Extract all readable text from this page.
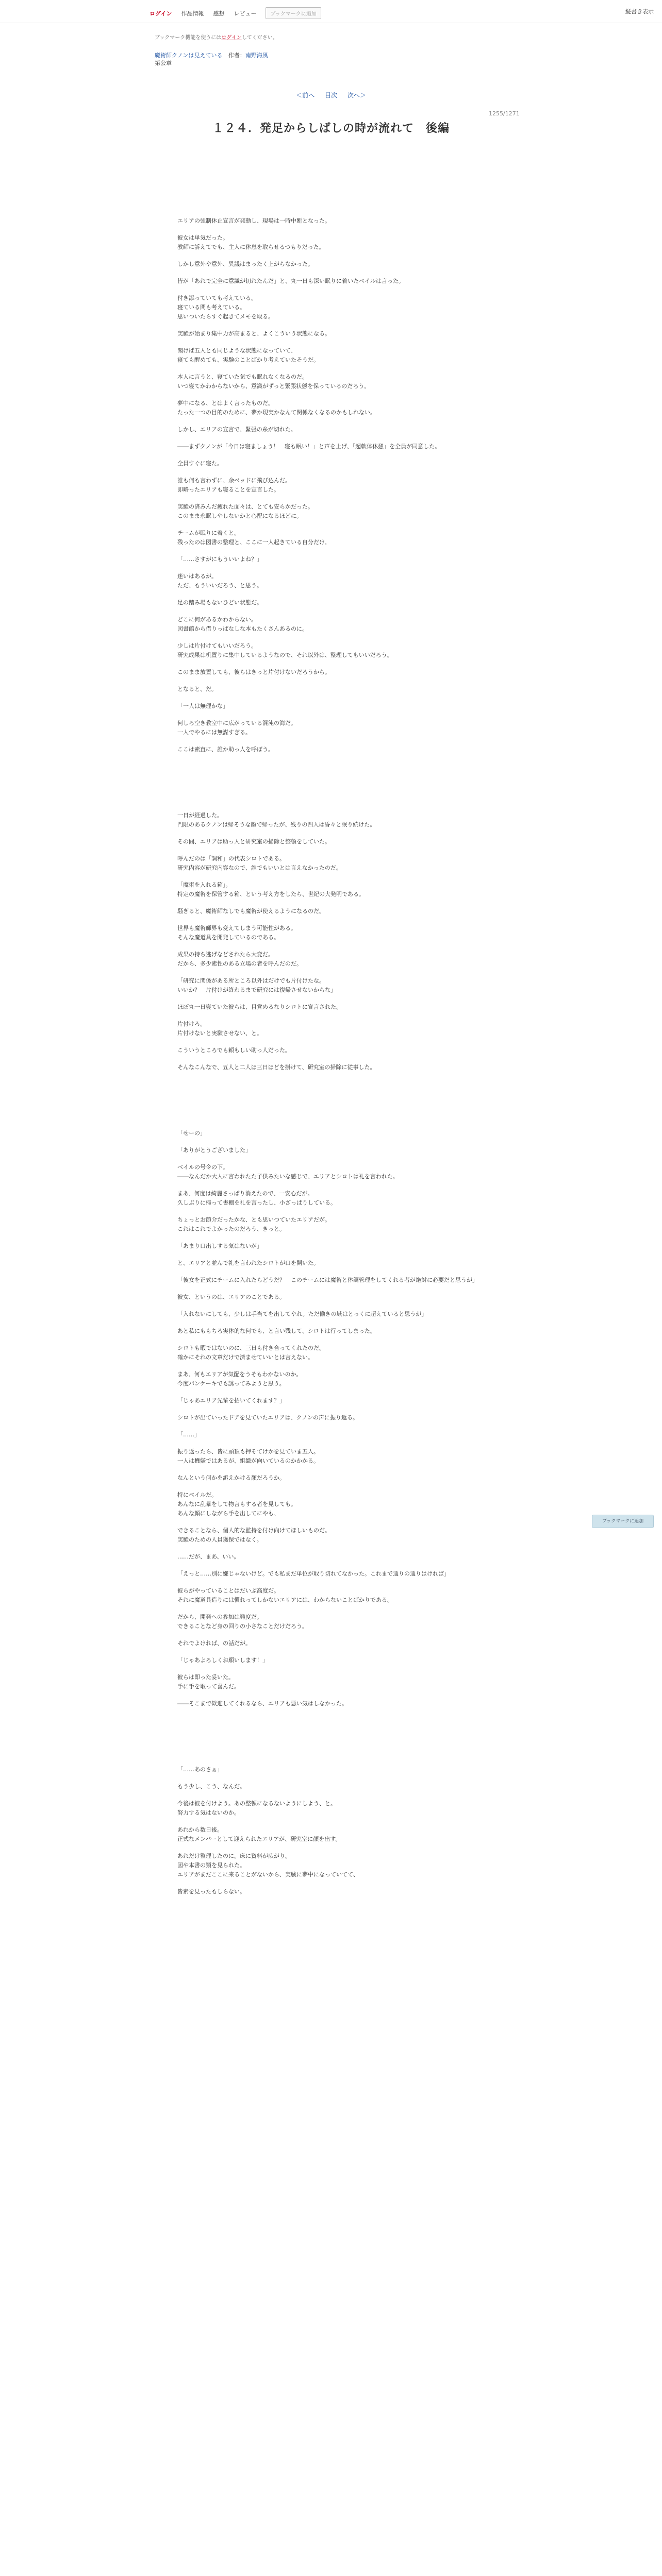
ログイン 作品情報 感想 レビュー	ブックマークに追加	縦書き表示
ブックマーク機能を使うにはログインしてください。
魔術師クノンは見えている 作者：南野海風
第公章
＜前へ 目次 次へ＞
1255/1271
１２４．発足からしばしの時が流れて　後編

エリアの強制休止宣言が発動し、現場は一時中断となった。

彼女は単気だった。
教師に訴えてでも、主人に休息を取らせるつもりだった。

しかし意外や意外、異議はまったく上がらなかった。

皆が「あれで完全に意識が切れたんだ」と、丸一日も深い眠りに着いたベイルは言った。

付き添っていても考えている。
寝ている間も考えている。
思いついたらすぐ起きてメモを取る。

実験が始まり集中力が高まると、よくこういう状態になる。

聞けば五人とも同じような状態になっていて、
寝ても醒めても、実験のことばかり考えていたそうだ。

本人に言うと、寝ていた気でも眠れなくなるのだ。
いつ寝てかわからないから、意識がずっと緊張状態を保っているのだろう。

夢中になる、とはよく言ったものだ。
たった一つの目的のために、夢か現実かなんて関係なくなるのかもしれない。

しかし、エリアの宣言で、緊張の糸が切れた。

――まずクノンが「今日は寝ましょう！　寝も眠い！」と声を上げ、「超軟体休憩」を全員が同意した。

全員すぐに寝た。

誰も何も言わずに、余ベッドに飛び込んだ。
即略ったエリアも寝ることを宣言した。

実験の済みんだ疲れた面々は、とても安らかだった。
このまま永眠しやしないかと心配になるほどに。

チームが眠りに着くと。
残ったのは図書の整理と、ここに一人起きている自分だけ。

「……さすがにもういいよね？」

迷いはあるが。
ただ、もういいだろう、と思う。

足の踏み場もないひどい状態だ。

どこに何があるかわからない。
図書館から借りっぱなしな本もたくさんあるのに。

少しは片付けてもいいだろう。
研究成果は机置りに集中しているようなので、それ以外は、整理してもいいだろう。

このまま放置しても、彼らはきっと片付けないだろうから。

となると、だ。

「一人は無理かな」

何しろ空き教室中に広がっている混沌の海だ。
一人でやるには無謀すぎる。

ここは素直に、誰か助っ人を呼ぼう。

一日が経過した。
門限のあるクノンは帰そうな顔で帰ったが、残りの四人は昏々と眠り続けた。

その間、エリアは助っ人と研究室の掃除と整頓をしていた。

呼んだのは「調和」の代表シロトである。
研究内容が研究内容なので、誰でもいいとは言えなかったのだ。

「魔術を入れる箱」。
特定の魔術を保管する箱、という考え方をしたら、世紀の大発明である。

騒ぎると、魔術師なしでも魔術が使えるようになるのだ。

世界も魔術師界も変えてしまう可能性がある。
そんな魔道具を開発しているのである。

成果の持ち逃げなどされたら大変だ。
だから、多少素性のある立場の者を呼んだのだ。

「研究に関係がある所ところ以外はだけでも片付けたな。
いいか？　片付けが終わるまで研究には復帰させないからな」

ほぼ丸一日寝ていた彼らは、目覚めるなりシロトに宣言された。

片付けろ。
片付けないと実験させない、と。

こういうところでも頼もしい助っ人だった。

そんなこんなで、五人と二人ほ三日ほどを掛けて、研究室の掃除に従事した。

「せーの」

「ありがとうございました」

ベイルの号令の下。
――なんだか大人に言われたた子供みたいな感じで、エリアとシロトは礼を言われた。

まあ、何度は綺麗さっぱり消えたので、一安心だが。
久しぶりに帰って書棚を礼を言ったし、小ざっぱりしている。

ちょっとお節介だったかな、とも思いつていたエリアだが。
これはこれでよかったのだろう、きっと。

「あまり口出しする気はないが」

と、エリアと並んで礼を言われたシロトが口を開いた。

「彼女を正式にチームに入れたらどうだ？　このチームには魔術と体調管理をしてくれる者が絶対に必要だと思うが」

彼女、というのは、エリアのことである。

「入れないにしても、少しは手当てを出してやれ。ただ働きの域はとっくに超えていると思うが」

あと私にももちろ実体的な何でも、と言い残して、シロトは行ってしまった。

シロトも暇ではないのに、三日も付き合ってくれたのだ。
確かにそれの文章だけで済ませていいとは言えない。

まあ、何もエリアが気配をうそもわかないのか。
今度パンケーキでも誘ってみようと思う。

「じゃあエリア先輩を招いてくれます？」

シロトが出ていったドアを見ていたエリアは、クノンの声に振り返る。

「……」

振り返ったら、皆に頭頂も押そてけかを見ていま五人。
一人は機嫌ではあるが、組織が向いているのかかかる。

なんという何かを訴えかける顔だろうか。

特にベイルだ。
あんなに乱暴をして物言もする者を見しても。
あんな顔にしながら手を出してにやも、

できることなら、個人的な監持を付け向けてほしいものだ。
実験のための人員獲保ではなく。

……だが、まあ、いい。

「えっと……別に嫌じゃないけど。でも私まだ単位が取り切れてなかった。これまで通りの通りはければ」

彼らがやっていることはだいぶ高度だ。
それに魔道具造りには慣れってしかないエリアには、わからないことばかりである。

だから、開発への参加は難度だ。
できることなど身の回りの小さなことだけだろう。

それでよければ、の話だが。

「じゃあよろしくお願いします！」

彼らは即った妥いた。
手に手を取って喜んだ。

――そこまで歓迎してくれるなら、エリアも悪い気はしなかった。

「……あのさぁ」

もう少し、こう、なんだ。

今後は彼を付けよう。あの整頓になるないようにしよう、と。
努力する気はないのか。

あれから数日後。
正式なメンバーとして迎えられたエリアが、研究室に顔を出す。

あれだけ整理したのに。床に資料が広がり。
図や本書の類を見られた。
エリアがまだここに来ることがないから、実験に夢中になっていてて、

皆素を見ったもしらない。

ブックマークに追加
